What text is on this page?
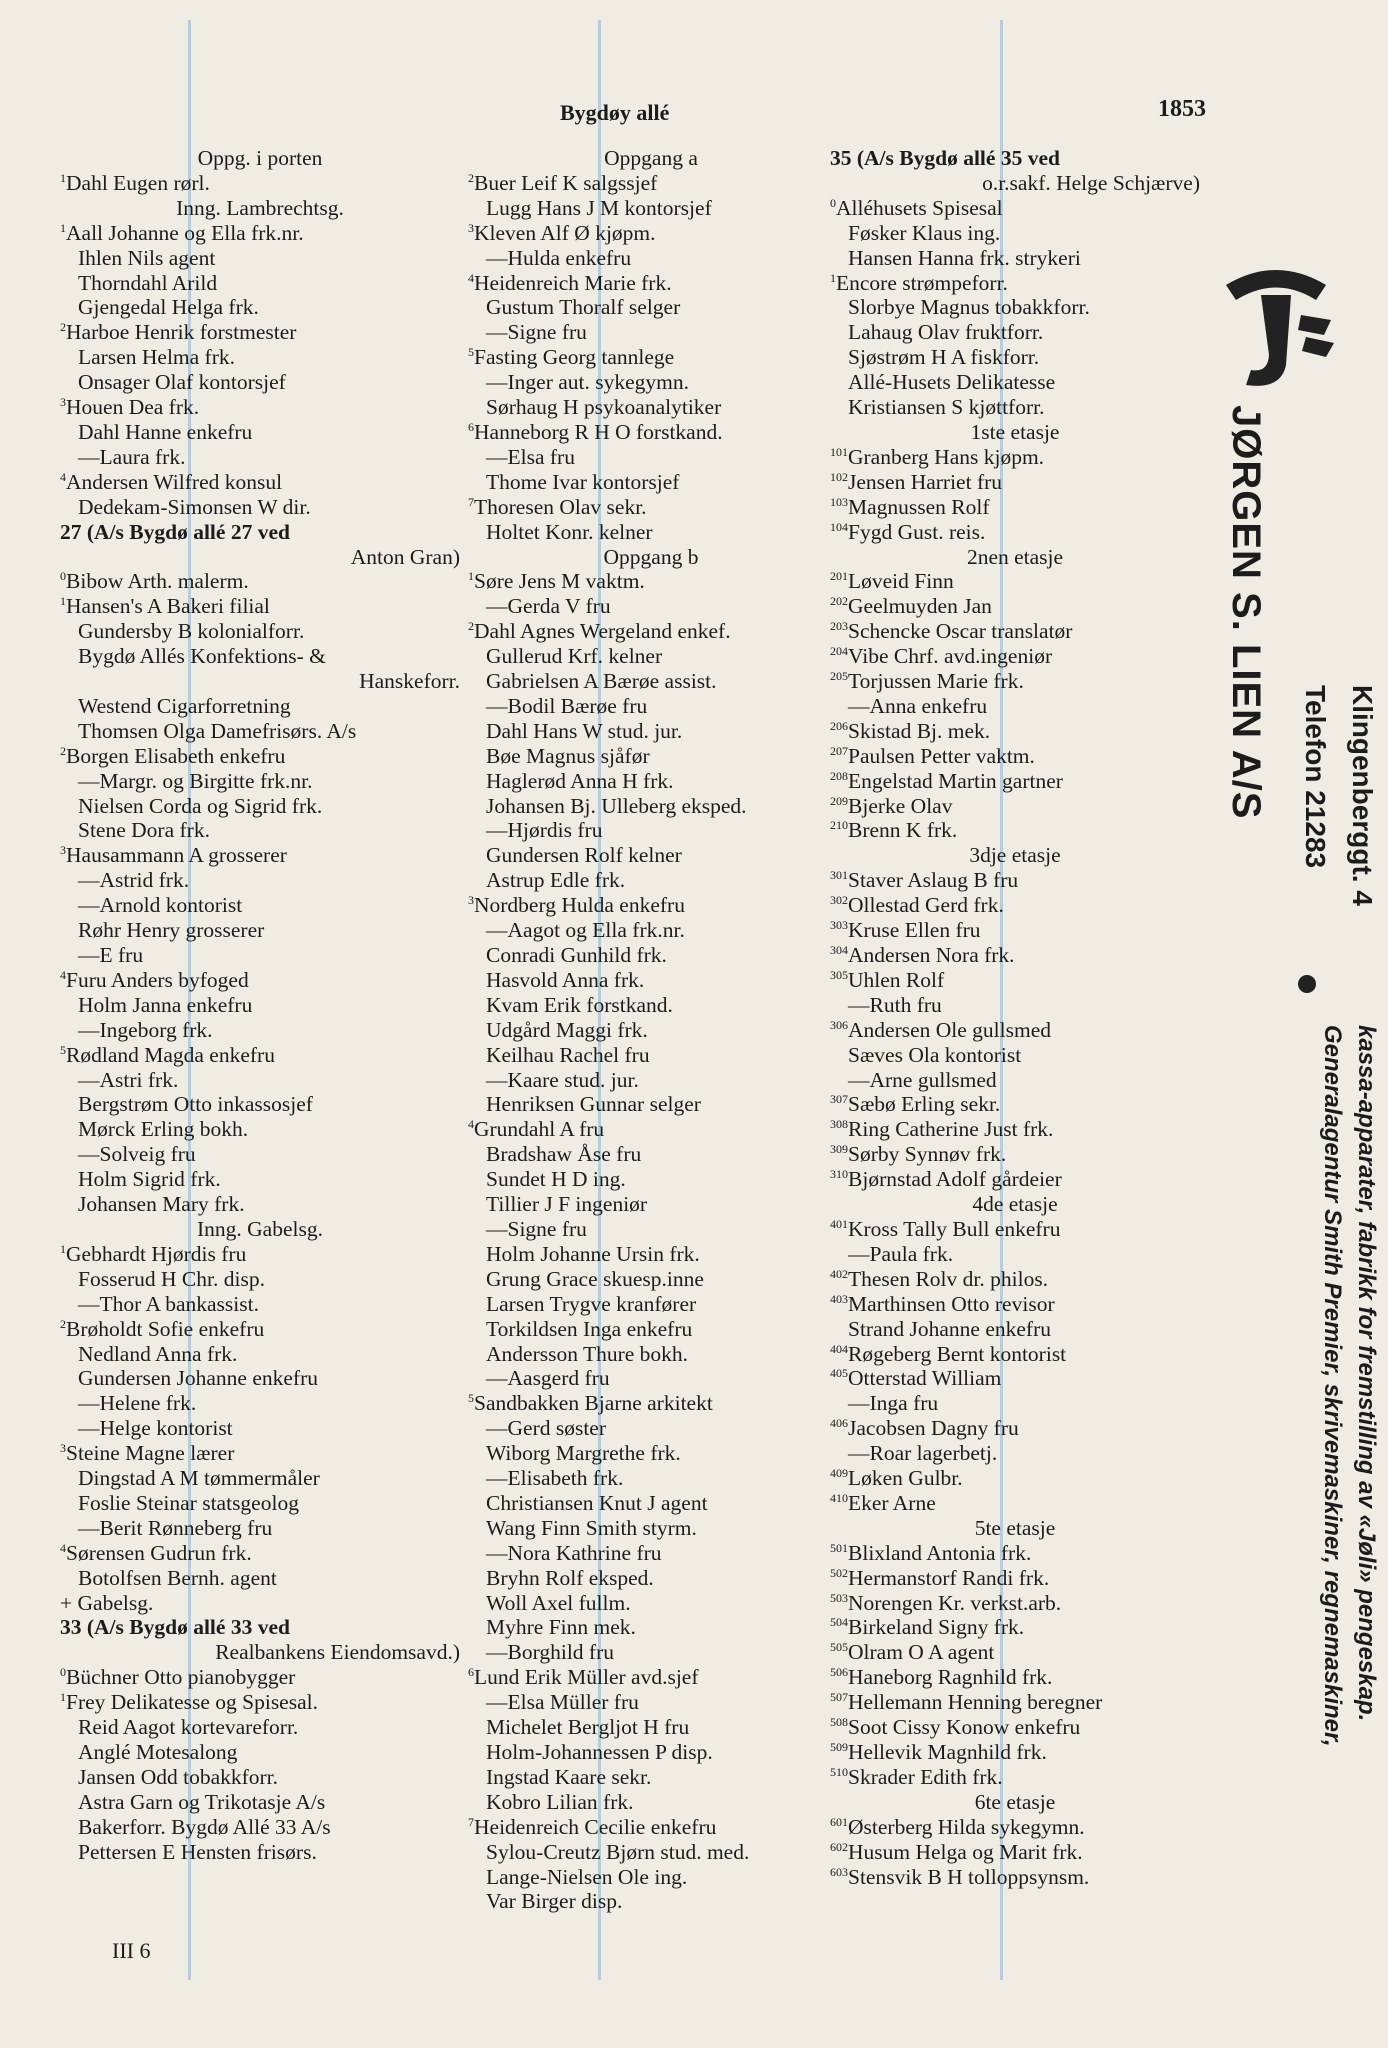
Bygdøy allé	1853
Oppg. i porten
$^1$Dahl Eugen rørl.
Inng. Lambrechtsg.
$^1$Aall Johanne og Ella frk.nr.
Ihlen Nils agent
Thorndahl Arild
Gjengedal Helga frk.
$^2$Harboe Henrik forstmester
Larsen Helma frk.
Onsager Olaf kontorsjef
$^3$Houen Dea frk.
Dahl Hanne enkefru
—Laura frk.
$^4$Andersen Wilfred konsul
Dedekam-Simonsen W dir.
27 (A/s Bygdø allé 27 ved
Anton Gran)
$^0$Bibow Arth. malerm.
$^1$Hansen's A Bakeri filial
Gundersby B kolonialforr.
Bygdø Allés Konfektions- &
Hanskeforr.
Westend Cigarforretning
Thomsen Olga Damefrisørs. A/s
$^2$Borgen Elisabeth enkefru
—Margr. og Birgitte frk.nr.
Nielsen Corda og Sigrid frk.
Stene Dora frk.
$^3$Hausammann A grosserer
—Astrid frk.
—Arnold kontorist
Røhr Henry grosserer
—E fru
$^4$Furu Anders byfoged
Holm Janna enkefru
—Ingeborg frk.
$^5$Rødland Magda enkefru
—Astri frk.
Bergstrøm Otto inkassosjef
Mørck Erling bokh.
—Solveig fru
Holm Sigrid frk.
Johansen Mary frk.
Inng. Gabelsg.
$^1$Gebhardt Hjørdis fru
Fosserud H Chr. disp.
—Thor A bankassist.
$^2$Brøholdt Sofie enkefru
Nedland Anna frk.
Gundersen Johanne enkefru
—Helene frk.
—Helge kontorist
$^3$Steine Magne lærer
Dingstad A M tømmermåler
Foslie Steinar statsgeolog
—Berit Rønneberg fru
$^4$Sørensen Gudrun frk.
Botolfsen Bernh. agent
+ Gabelsg.
33 (A/s Bygdø allé 33 ved
Realbankens Eiendomsavd.)
$^0$Büchner Otto pianobygger
$^1$Frey Delikatesse og Spisesal.
Reid Aagot kortevareforr.
Anglé Motesalong
Jansen Odd tobakkforr.
Astra Garn og Trikotasje A/s
Bakerforr. Bygdø Allé 33 A/s
Pettersen E Hensten frisørs.
Oppgang a
$^2$Buer Leif K salgssjef
Lugg Hans J M kontorsjef
$^3$Kleven Alf Ø kjøpm.
—Hulda enkefru
$^4$Heidenreich Marie frk.
Gustum Thoralf selger
—Signe fru
$^5$Fasting Georg tannlege
—Inger aut. sykegymn.
Sørhaug H psykoanalytiker
$^6$Hanneborg R H O forstkand.
—Elsa fru
Thome Ivar kontorsjef
$^7$Thoresen Olav sekr.
Holtet Konr. kelner
Oppgang b
$^1$Søre Jens M vaktm.
—Gerda V fru
$^2$Dahl Agnes Wergeland enkef.
Gullerud Krf. kelner
Gabrielsen A Bærøe assist.
—Bodil Bærøe fru
Dahl Hans W stud. jur.
Bøe Magnus sjåfør
Haglerød Anna H frk.
Johansen Bj. Ulleberg eksped.
—Hjørdis fru
Gundersen Rolf kelner
Astrup Edle frk.
$^3$Nordberg Hulda enkefru
—Aagot og Ella frk.nr.
Conradi Gunhild frk.
Hasvold Anna frk.
Kvam Erik forstkand.
Udgård Maggi frk.
Keilhau Rachel fru
—Kaare stud. jur.
Henriksen Gunnar selger
$^4$Grundahl A fru
Bradshaw Åse fru
Sundet H D ing.
Tillier J F ingeniør
—Signe fru
Holm Johanne Ursin frk.
Grung Grace skuesp.inne
Larsen Trygve kranfører
Torkildsen Inga enkefru
Andersson Thure bokh.
—Aasgerd fru
$^5$Sandbakken Bjarne arkitekt
—Gerd søster
Wiborg Margrethe frk.
—Elisabeth frk.
Christiansen Knut J agent
Wang Finn Smith styrm.
—Nora Kathrine fru
Bryhn Rolf eksped.
Woll Axel fullm.
Myhre Finn mek.
—Borghild fru
$^6$Lund Erik Müller avd.sjef
—Elsa Müller fru
Michelet Bergljot H fru
Holm-Johannessen P disp.
Ingstad Kaare sekr.
Kobro Lilian frk.
$^7$Heidenreich Cecilie enkefru
Sylou-Creutz Bjørn stud. med.
Lange-Nielsen Ole ing.
Var Birger disp.
35 (A/s Bygdø allé 35 ved
o.r.sakf. Helge Schjærve)
$^0$Alléhusets Spisesal
Føsker Klaus ing.
Hansen Hanna frk. strykeri
$^1$Encore strømpeforr.
Slorbye Magnus tobakkforr.
Lahaug Olav fruktforr.
Sjøstrøm H A fiskforr.
Allé-Husets Delikatesse
Kristiansen S kjøttforr.
1ste etasje
$^{101}$Granberg Hans kjøpm.
$^{102}$Jensen Harriet fru
$^{103}$Magnussen Rolf
$^{104}$Fygd Gust. reis.
2nen etasje
$^{201}$Løveid Finn
$^{202}$Geelmuyden Jan
$^{203}$Schencke Oscar translatør
$^{204}$Vibe Chrf. avd.ingeniør
$^{205}$Torjussen Marie frk.
—Anna enkefru
$^{206}$Skistad Bj. mek.
$^{207}$Paulsen Petter vaktm.
$^{208}$Engelstad Martin gartner
$^{209}$Bjerke Olav
$^{210}$Brenn K frk.
3dje etasje
$^{301}$Staver Aslaug B fru
$^{302}$Ollestad Gerd frk.
$^{303}$Kruse Ellen fru
$^{304}$Andersen Nora frk.
$^{305}$Uhlen Rolf
—Ruth fru
$^{306}$Andersen Ole gullsmed
Sæves Ola kontorist
—Arne gullsmed
$^{307}$Sæbø Erling sekr.
$^{308}$Ring Catherine Just frk.
$^{309}$Sørby Synnøv frk.
$^{310}$Bjørnstad Adolf gårdeier
4de etasje
$^{401}$Kross Tally Bull enkefru
—Paula frk.
$^{402}$Thesen Rolv dr. philos.
$^{403}$Marthinsen Otto revisor
Strand Johanne enkefru
$^{404}$Røgeberg Bernt kontorist
$^{405}$Otterstad William
—Inga fru
$^{406}$Jacobsen Dagny fru
—Roar lagerbetj.
$^{409}$Løken Gulbr.
$^{410}$Eker Arne
5te etasje
$^{501}$Blixland Antonia frk.
$^{502}$Hermanstorf Randi frk.
$^{503}$Norengen Kr. verkst.arb.
$^{504}$Birkeland Signy frk.
$^{505}$Olram O A agent
$^{506}$Haneborg Ragnhild frk.
$^{507}$Hellemann Henning beregner
$^{508}$Soot Cissy Konow enkefru
$^{509}$Hellevik Magnhild frk.
$^{510}$Skrader Edith frk.
6te etasje
$^{601}$Østerberg Hilda sykegymn.
$^{602}$Husum Helga og Marit frk.
$^{603}$Stensvik B H tolloppsynsm.
III 6
JØRGEN S. LIEN A/S Telefon 21283 Klingenberggt. 4
Generalagentur Smith Premier, skrivemaskiner, regnemaskiner, kassa-apparater, fabrikk for fremstilling av «Jøli» pengeskap.
